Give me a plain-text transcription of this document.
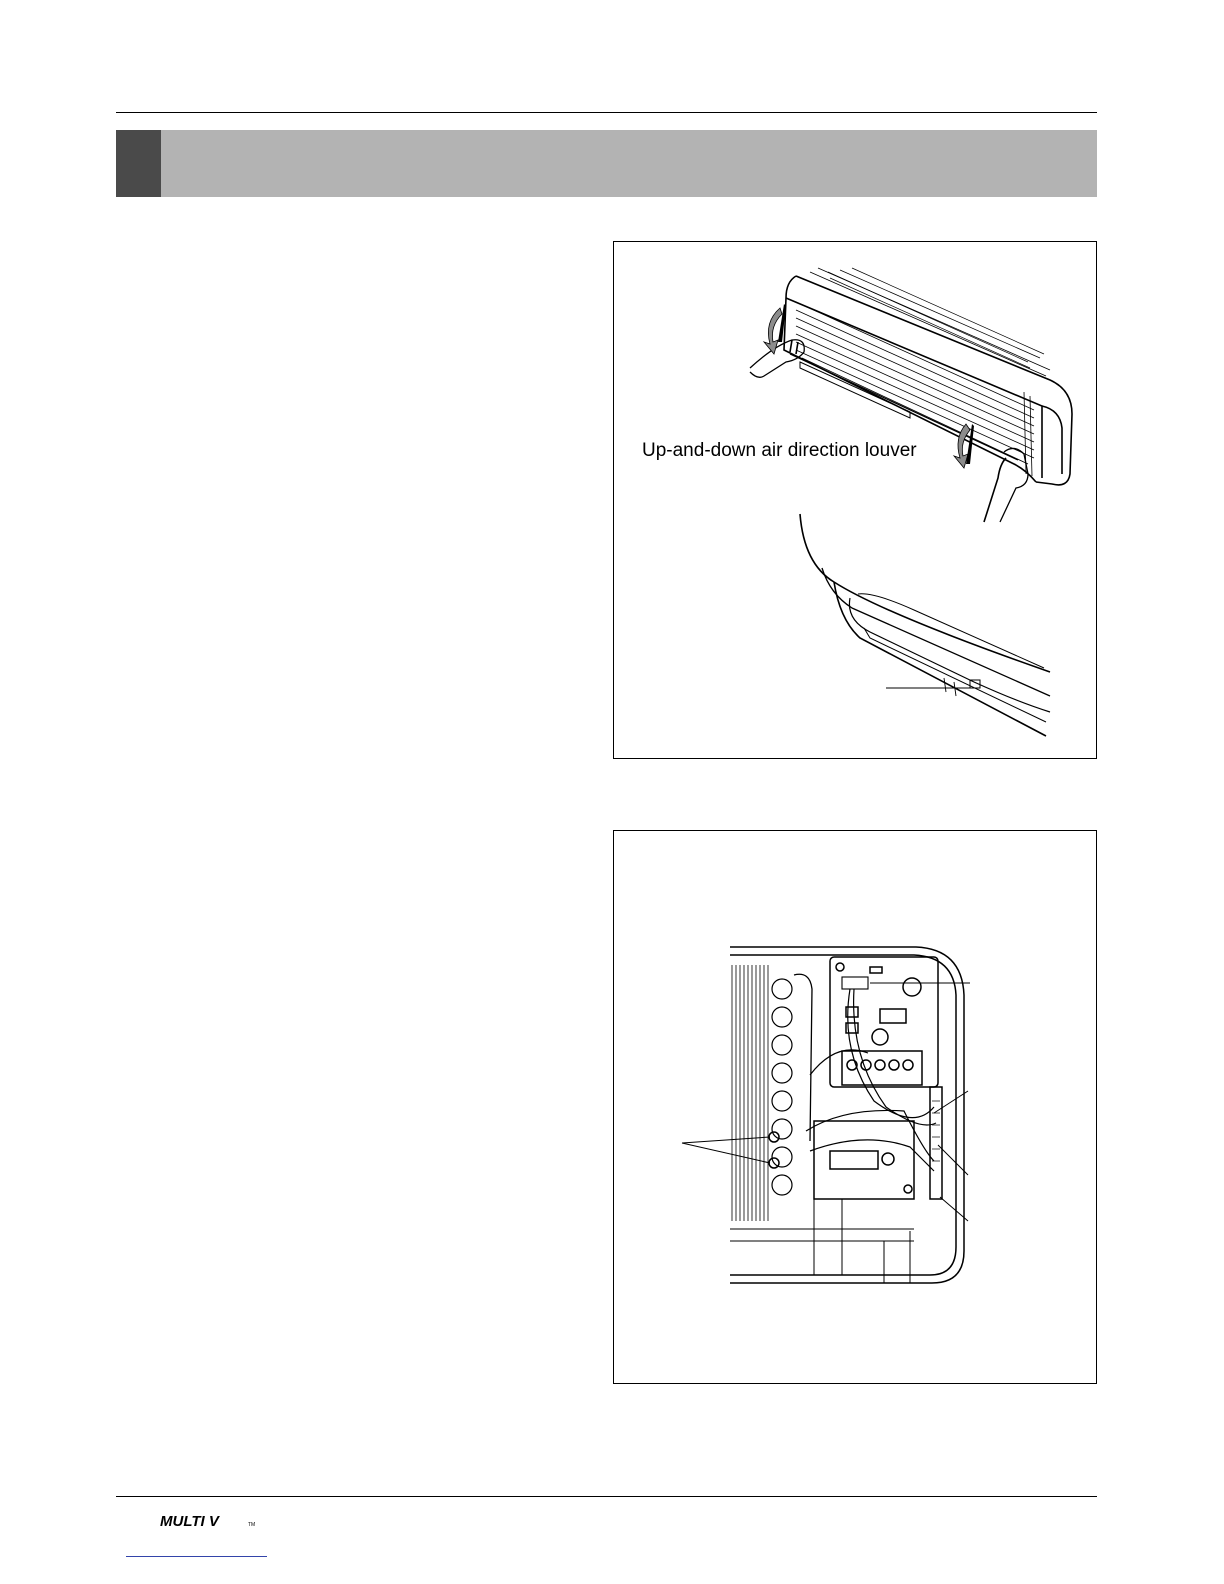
Up-and-down air direction louver
MULTI V	TM
